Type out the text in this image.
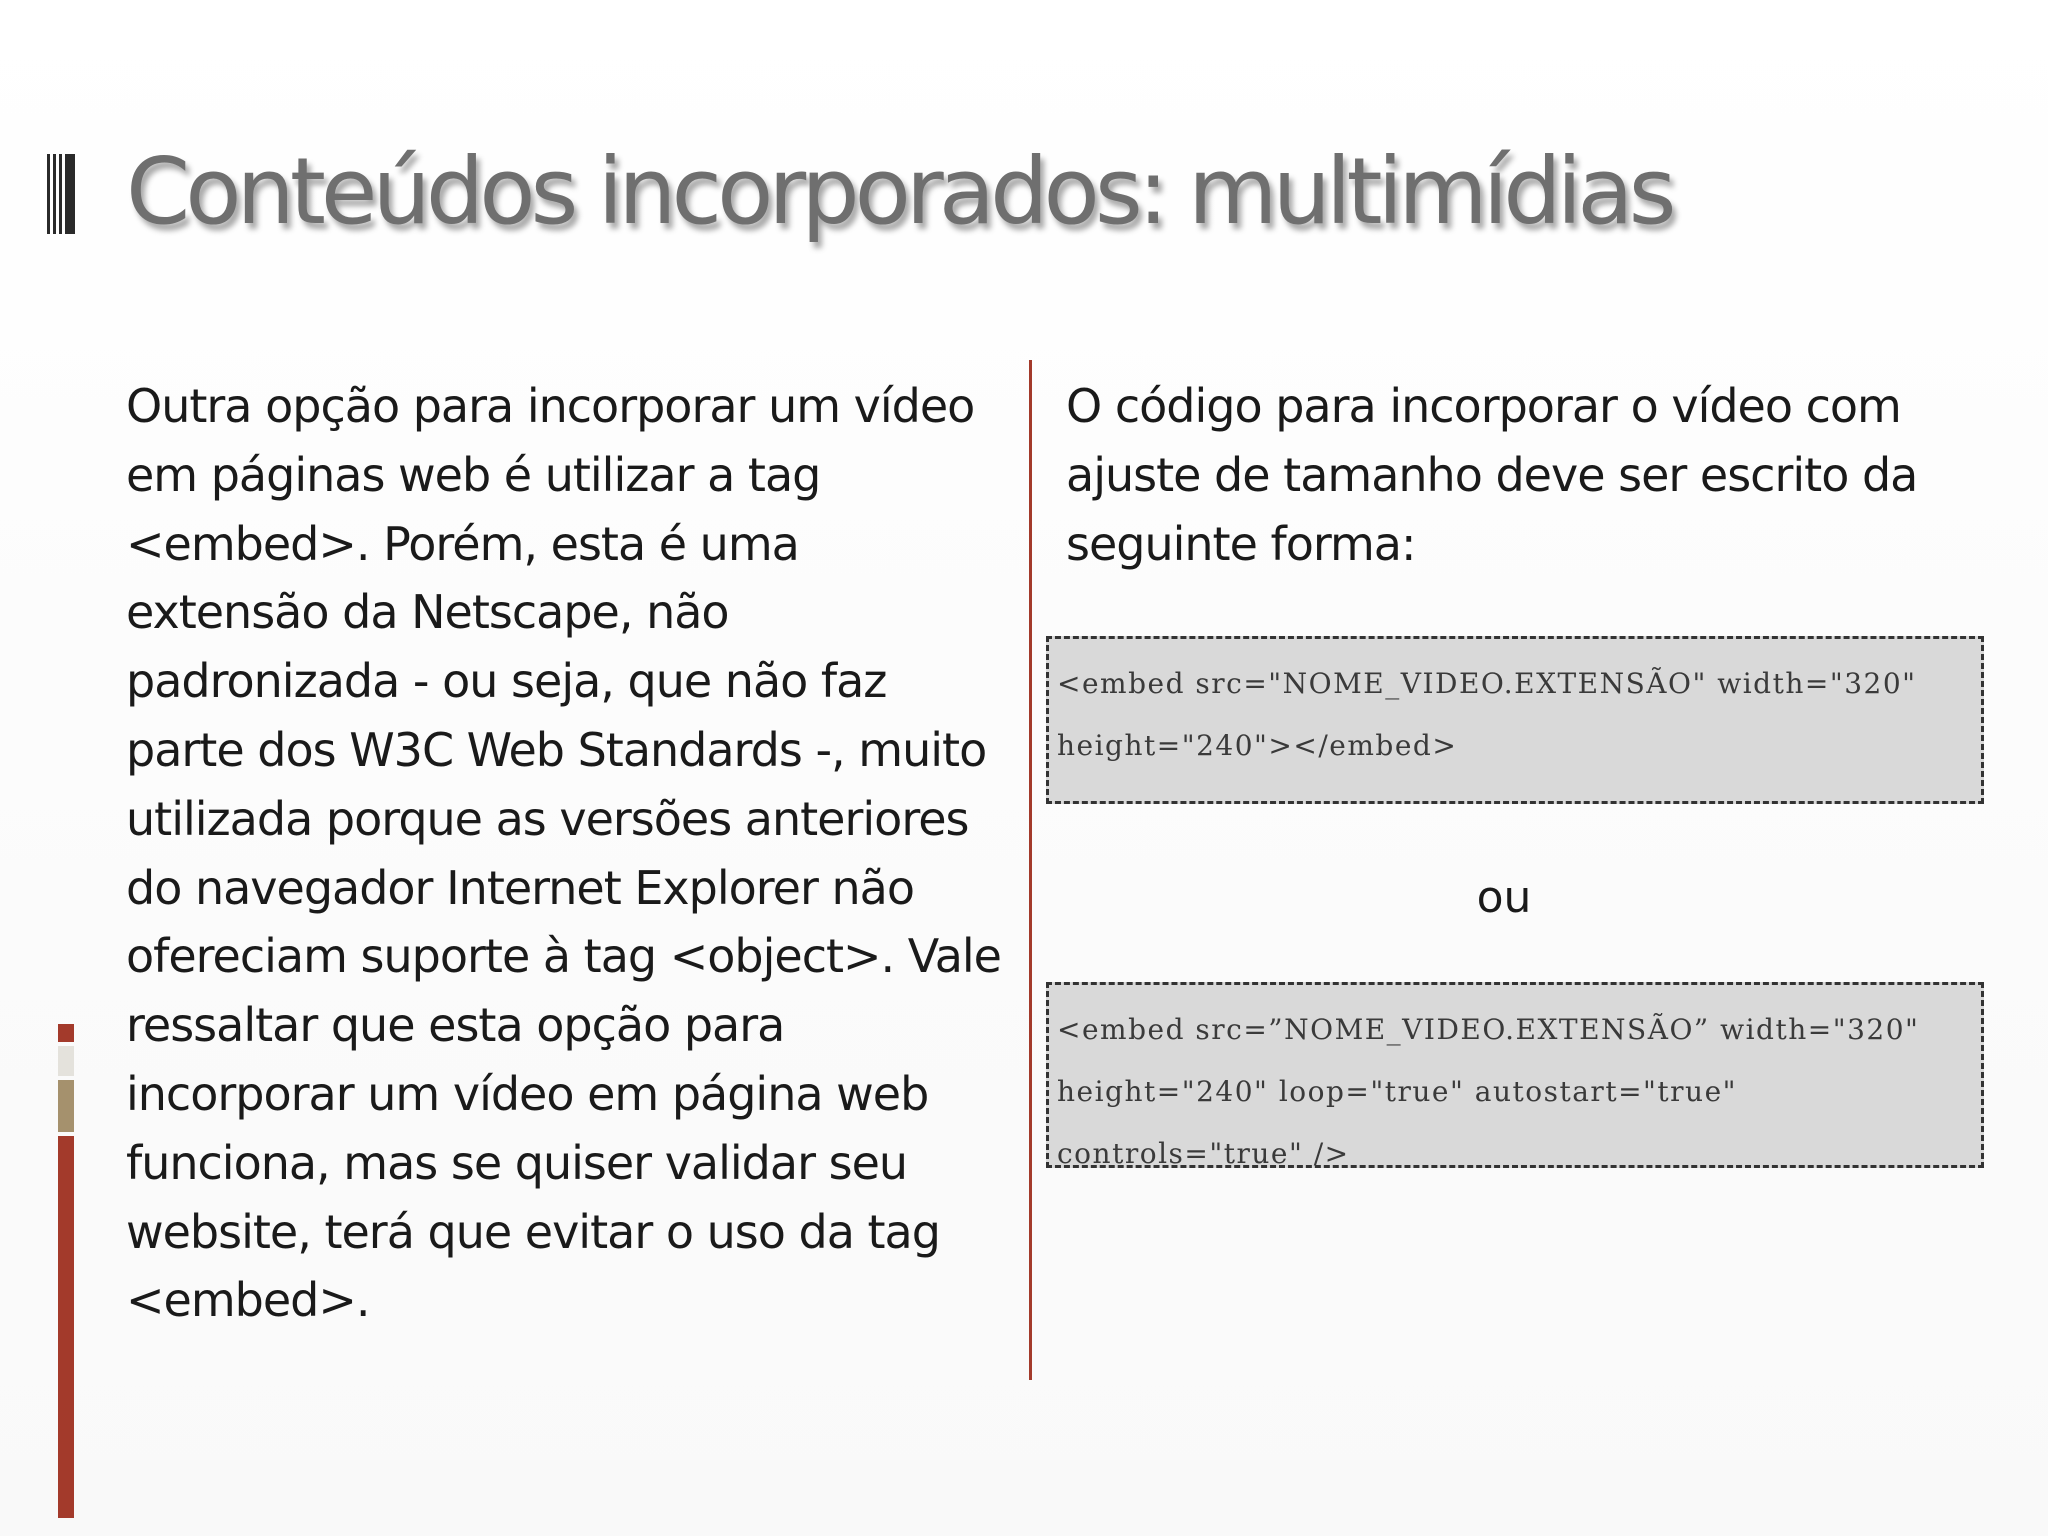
Conteúdos incorporados: multimídias

Outra opção para incorporar um vídeo em páginas web é utilizar a tag <embed>. Porém, esta é uma extensão da Netscape, não padronizada - ou seja, que não faz parte dos W3C Web Standards -, muito utilizada porque as versões anteriores do navegador Internet Explorer não ofereciam suporte à tag <object>. Vale ressaltar que esta opção para incorporar um vídeo em página web funciona, mas se quiser validar seu website, terá que evitar o uso da tag <embed>.

O código para incorporar o vídeo com ajuste de tamanho deve ser escrito da seguinte forma:

<embed src="NOME_VIDEO.EXTENSÃO" width="320" height="240"></embed>
ou
<embed src=”NOME_VIDEO.EXTENSÃO” width="320" height="240" loop="true" autostart="true" controls="true" />
